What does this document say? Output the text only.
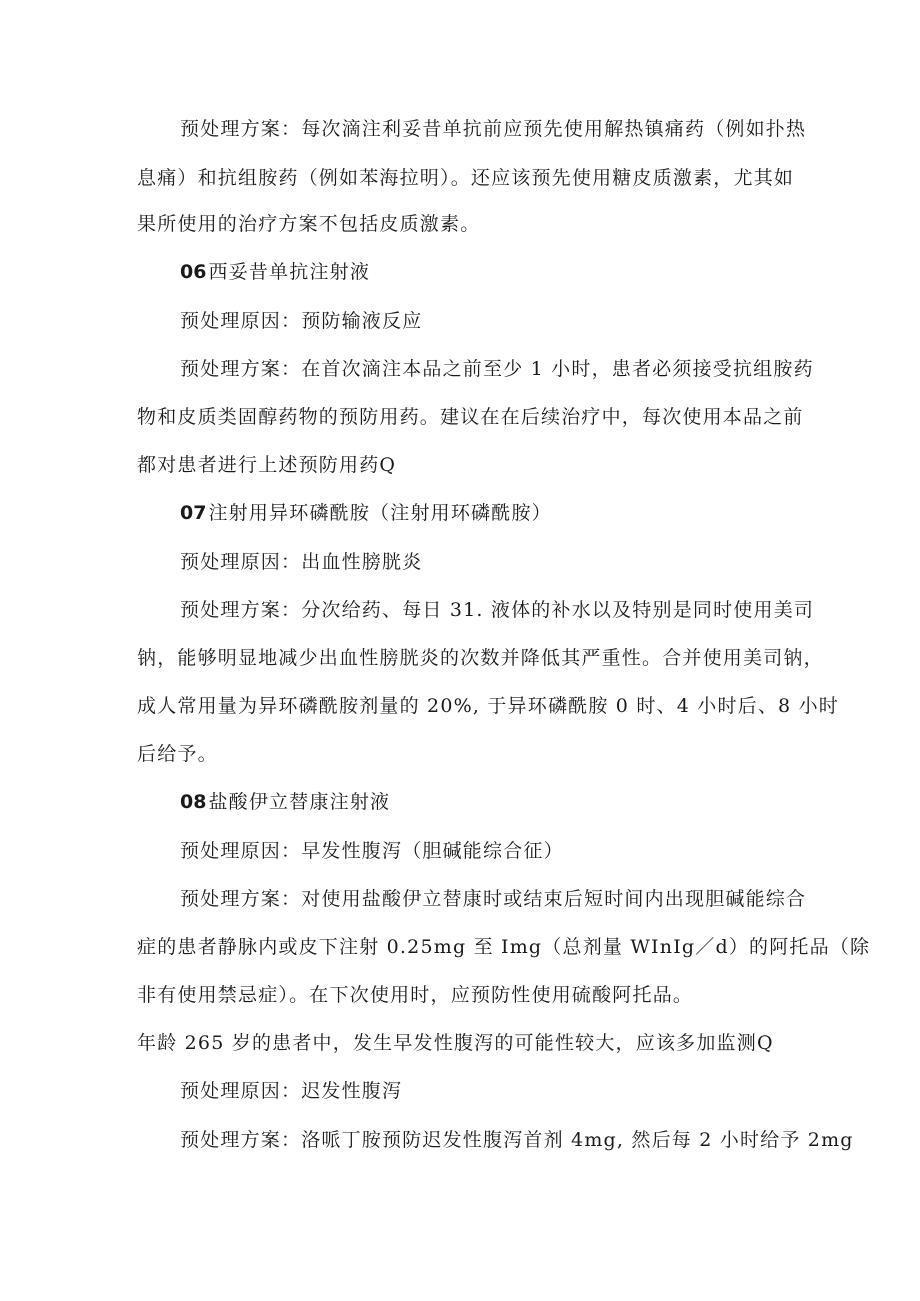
预处理方案：每次滴注利妥昔单抗前应预先使用解热镇痛药（例如扑热
息痛）和抗组胺药（例如苯海拉明）。还应该预先使用糖皮质激素，尤其如
果所使用的治疗方案不包括皮质激素。
06 西妥昔单抗注射液
预处理原因：预防输液反应
预处理方案：在首次滴注本品之前至少 1 小时，患者必须接受抗组胺药
物和皮质类固醇药物的预防用药。建议在在后续治疗中，每次使用本品之前
都对患者进行上述预防用药Q
07 注射用异环磷酰胺（注射用环磷酰胺）
预处理原因：出血性膀胱炎
预处理方案：分次给药、每日 31. 液体的补水以及特别是同时使用美司
钠，能够明显地减少出血性膀胱炎的次数并降低其严重性。合并使用美司钠，
成人常用量为异环磷酰胺剂量的 20%, 于异环磷酰胺 0 时、4 小时后、8 小时
后给予。
08 盐酸伊立替康注射液
预处理原因：早发性腹泻（胆碱能综合征）
预处理方案：对使用盐酸伊立替康时或结束后短时间内出现胆碱能综合
症的患者静脉内或皮下注射 0.25mg 至 Img（总剂量 WInIg／d）的阿托品（除
非有使用禁忌症）。在下次使用时，应预防性使用硫酸阿托品。
年龄 265 岁的患者中，发生早发性腹泻的可能性较大，应该多加监测Q
预处理原因：迟发性腹泻
预处理方案：洛哌丁胺预防迟发性腹泻首剂 4mg, 然后每 2 小时给予 2mg
